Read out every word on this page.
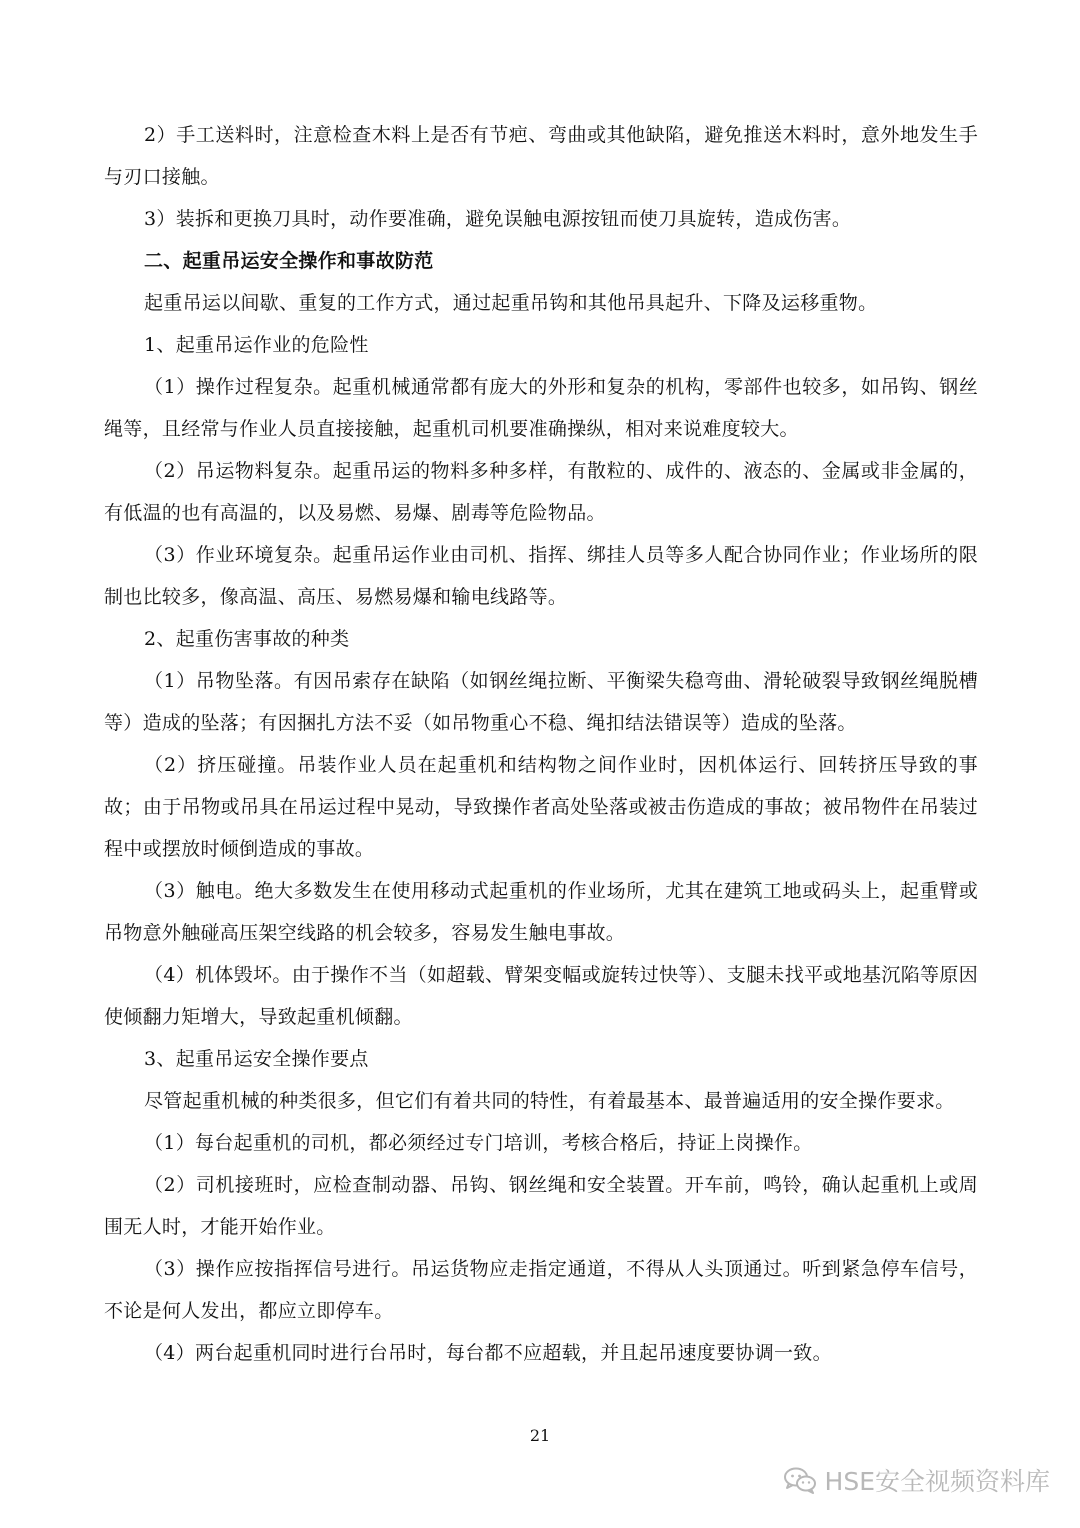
2）手工送料时，注意检查木料上是否有节疤、弯曲或其他缺陷，避免推送木料时，意外地发生手与刃口接触。

3）装拆和更换刀具时，动作要准确，避免误触电源按钮而使刀具旋转，造成伤害。

二、起重吊运安全操作和事故防范

起重吊运以间歇、重复的工作方式，通过起重吊钩和其他吊具起升、下降及运移重物。

1、起重吊运作业的危险性

（1）操作过程复杂。起重机械通常都有庞大的外形和复杂的机构，零部件也较多，如吊钩、钢丝绳等，且经常与作业人员直接接触，起重机司机要准确操纵，相对来说难度较大。

（2）吊运物料复杂。起重吊运的物料多种多样，有散粒的、成件的、液态的、金属或非金属的，有低温的也有高温的，以及易燃、易爆、剧毒等危险物品。

（3）作业环境复杂。起重吊运作业由司机、指挥、绑挂人员等多人配合协同作业；作业场所的限制也比较多，像高温、高压、易燃易爆和输电线路等。

2、起重伤害事故的种类

（1）吊物坠落。有因吊索存在缺陷（如钢丝绳拉断、平衡梁失稳弯曲、滑轮破裂导致钢丝绳脱槽等）造成的坠落；有因捆扎方法不妥（如吊物重心不稳、绳扣结法错误等）造成的坠落。

（2）挤压碰撞。吊装作业人员在起重机和结构物之间作业时，因机体运行、回转挤压导致的事故；由于吊物或吊具在吊运过程中晃动，导致操作者高处坠落或被击伤造成的事故；被吊物件在吊装过程中或摆放时倾倒造成的事故。

（3）触电。绝大多数发生在使用移动式起重机的作业场所，尤其在建筑工地或码头上，起重臂或吊物意外触碰高压架空线路的机会较多，容易发生触电事故。

（4）机体毁坏。由于操作不当（如超载、臂架变幅或旋转过快等）、支腿未找平或地基沉陷等原因使倾翻力矩增大，导致起重机倾翻。

3、起重吊运安全操作要点

尽管起重机械的种类很多，但它们有着共同的特性，有着最基本、最普遍适用的安全操作要求。

（1）每台起重机的司机，都必须经过专门培训，考核合格后，持证上岗操作。

（2）司机接班时，应检查制动器、吊钩、钢丝绳和安全装置。开车前，鸣铃，确认起重机上或周围无人时，才能开始作业。

（3）操作应按指挥信号进行。吊运货物应走指定通道，不得从人头顶通过。听到紧急停车信号，不论是何人发出，都应立即停车。

（4）两台起重机同时进行台吊时，每台都不应超载，并且起吊速度要协调一致。

21
HSE安全视频资料库
